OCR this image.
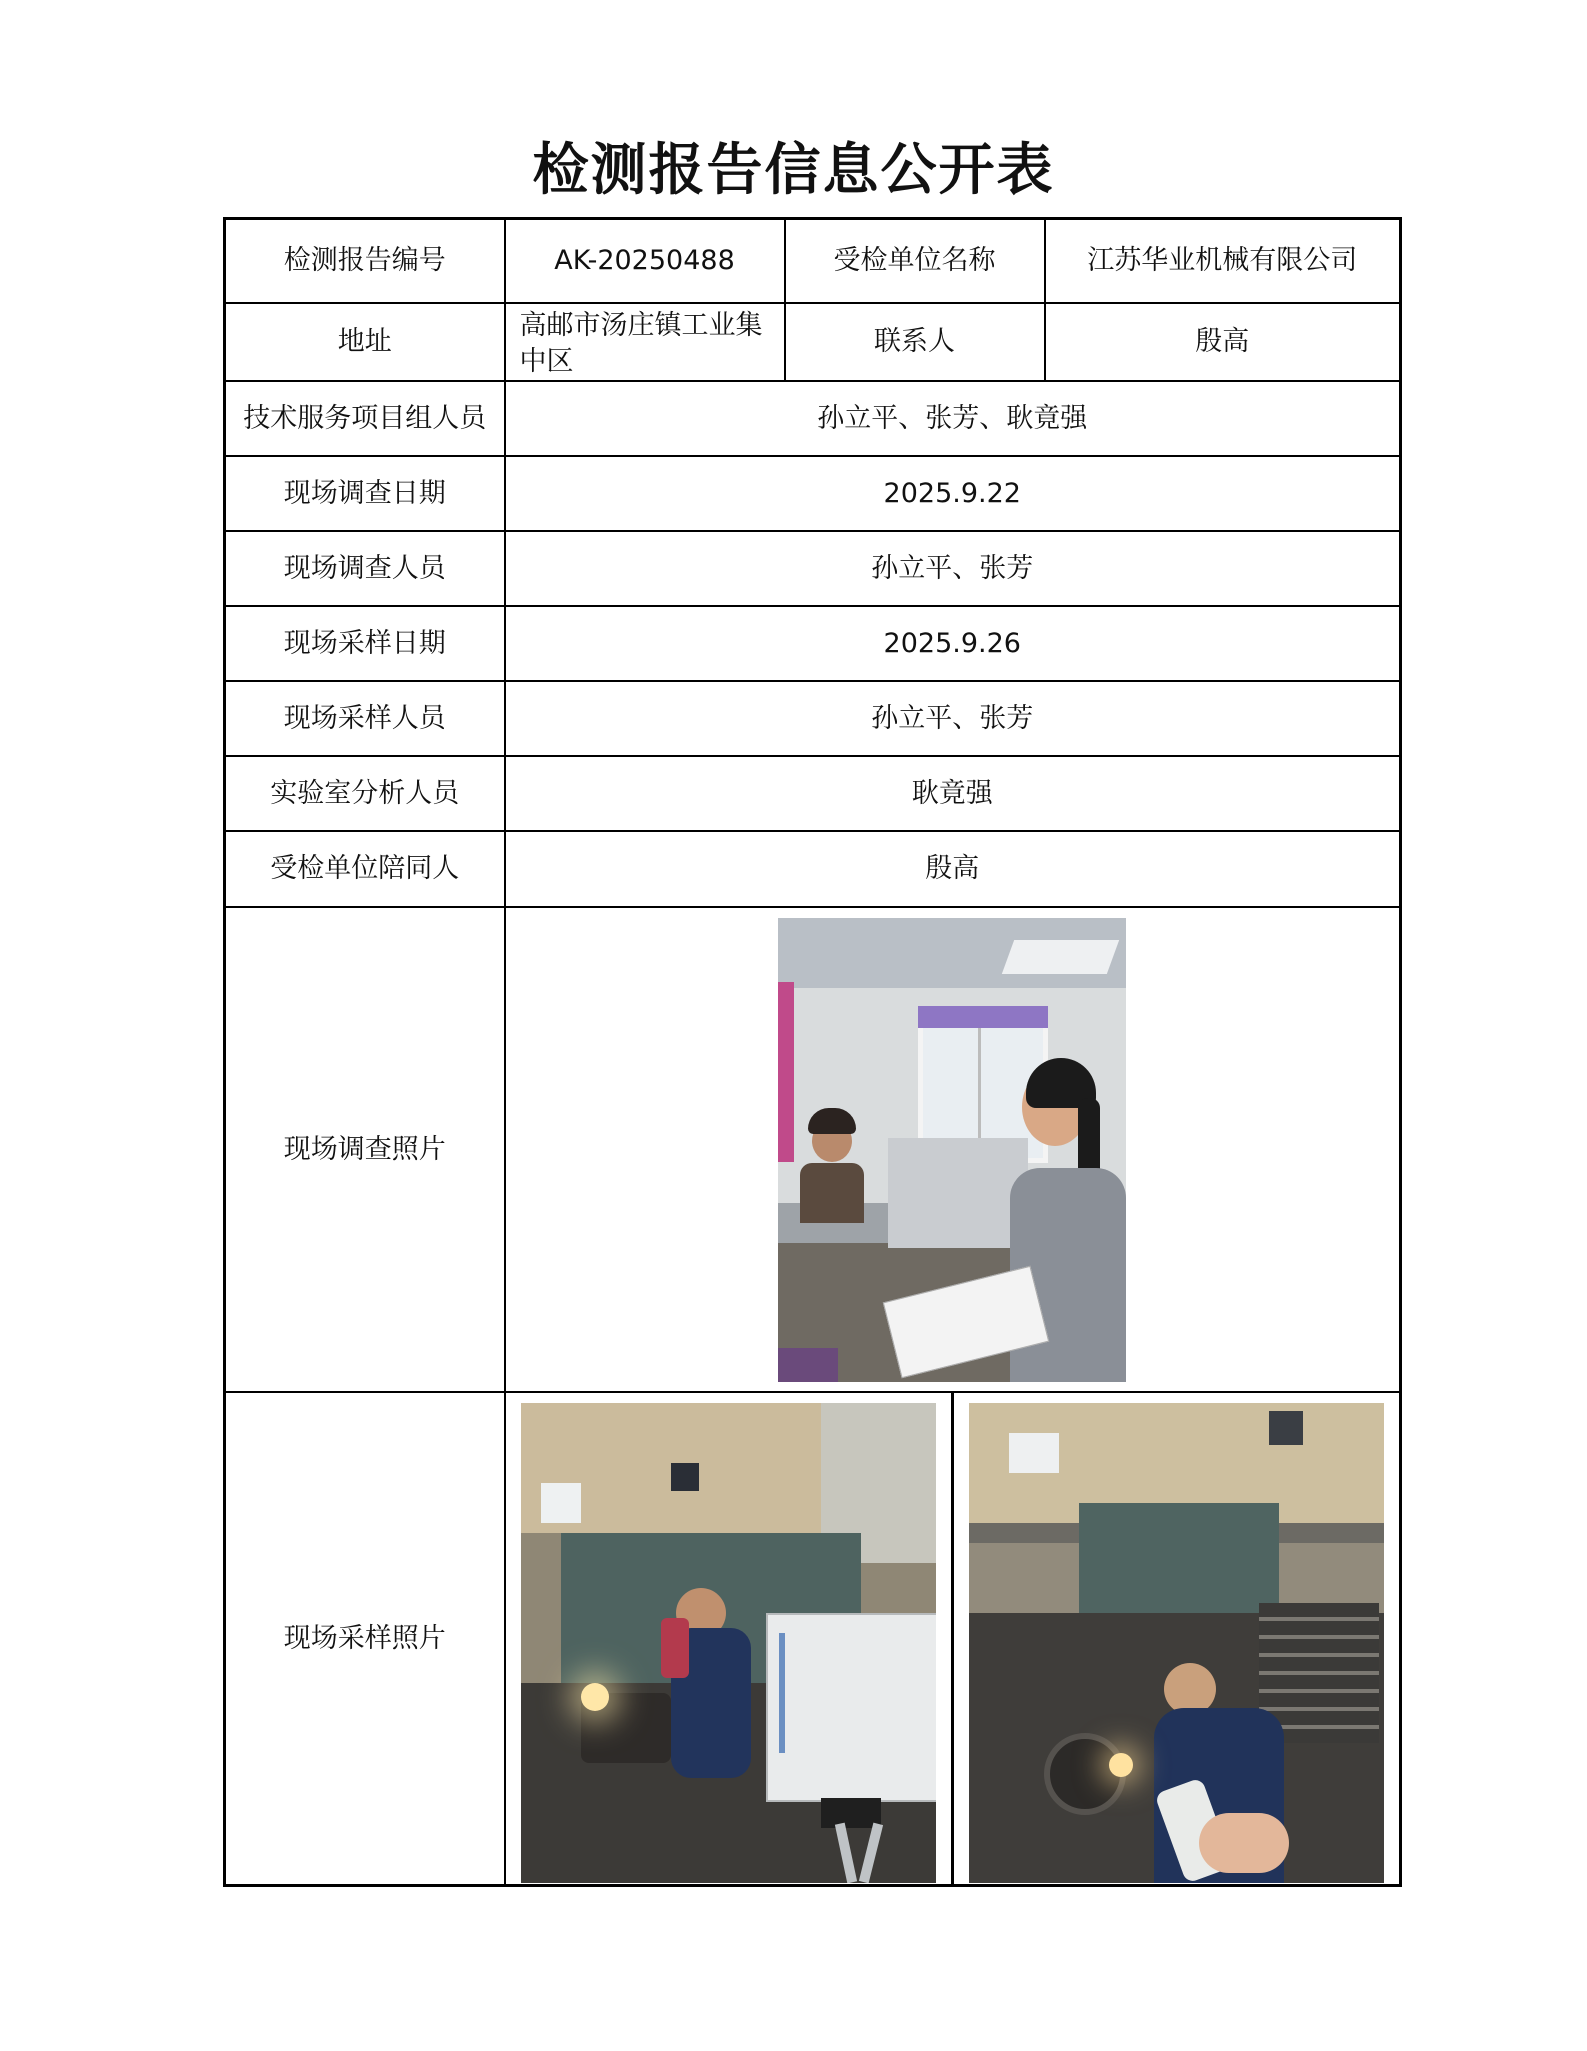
检测报告信息公开表
检测报告编号	AK-20250488	受检单位名称	江苏华业机械有限公司
地址	高邮市汤庄镇工业集中区	联系人	殷高
技术服务项目组人员	孙立平、张芳、耿竟强		
现场调查日期	2025.9.22		
现场调查人员	孙立平、张芳		
现场采样日期	2025.9.26		
现场采样人员	孙立平、张芳		
实验室分析人员	耿竟强		
受检单位陪同人	殷高		
现场调查照片			

现场采样照片			
